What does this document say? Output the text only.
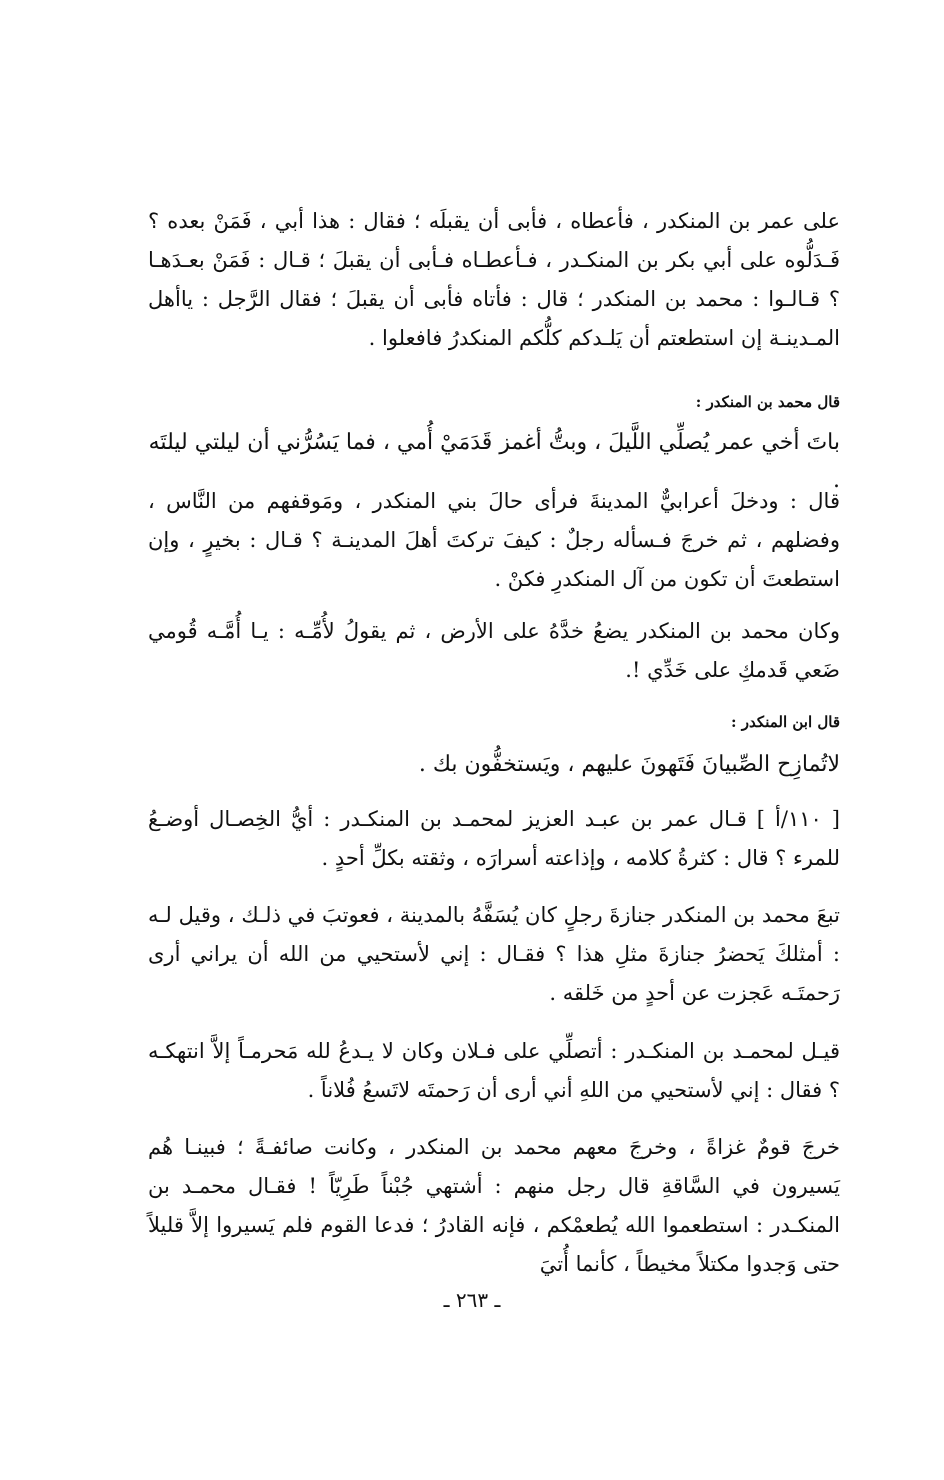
على عمر بن المنكدر ، فأعطاه ، فأبى أن يقبلَه ؛ فقال : هذا أبي ، فَمَنْ بعده ؟ فَـدَلُّوه على أبي بكر بن المنكـدر ، فـأعطـاه فـأبى أن يقبلَ ؛ قـال : فَمَنْ بعـدَهـا ؟ قـالـوا : محمد بن المنكدر ؛ قال : فأتاه فأبى أن يقبلَ ؛ فقال الرَّجل : ياأهل المـدينـة إن استطعتم أن يَلـدكم كلُّكم المنكدرُ فافعلوا .
قال محمد بن المنكدر :
باتَ أخي عمر يُصلِّي اللَّيلَ ، وبتُّ أغمز قَدَمَيْ أُمي ، فما يَسُرُّني أن ليلتي ليلتَه .
قال : ودخلَ أعرابيٌّ المدينةَ فرأى حالَ بني المنكدر ، ومَوقفهم من النَّاس ، وفضلهم ، ثم خرجَ فـسأله رجلٌ : كيفَ تركتَ أهلَ المدينـة ؟ قـال : بخيرٍ ، وإن استطعتَ أن تكون من آل المنكدرِ فكنْ .
وكان محمد بن المنكدر يضعُ خدَّهُ على الأرض ، ثم يقولُ لأُمِّـه : يـا أُمَّـه قُومي ضَعي قَدمكِ على خَدِّي !.
قال ابن المنكدر :
لاتُمازِح الصِّبيانَ فَتَهونَ عليهم ، ويَستخفُّون بك .
[ ١١٠/أ ] قـال عمر بن عبـد العزيز لمحمـد بن المنكـدر : أيُّ الخِصـال أوضـعُ للمرء ؟ قال : كثرةُ كلامه ، وإذاعته أسرارَه ، وثقته بكلِّ أحدٍ .
تبعَ محمد بن المنكدر جنازةَ رجلٍ كان يُسَفَّهُ بالمدينة ، فعوتبَ في ذلـك ، وقيل لـه : أمثلكَ يَحضرُ جنازةَ مثلِ هذا ؟ فقـال : إني لأستحيي من الله أن يراني أرى رَحمتَـه عَجزت عن أحدٍ من خَلقه .
قيـل لمحمـد بن المنكـدر : أتصلِّي على فـلان وكان لا يـدعُ لله مَحرمـاً إلاَّ انتهكـه ؟ فقال : إني لأستحيي من اللهِ أني أرى أن رَحمتَه لاتَسعُ فُلاناً .
خرجَ قومٌ غزاةً ، وخرجَ معهم محمد بن المنكدر ، وكانت صائفـةً ؛ فبينـا هُم يَسيرون في السَّاقةِ قال رجل منهم : أشتهي جُبْناً طَرِيّاً ! فقـال محمـد بن المنكـدر : استطعموا الله يُطعمْكم ، فإنه القادرُ ؛ فدعا القوم فلم يَسيروا إلاَّ قليلاً حتى وَجدوا مكتلاً مخيطاً ، كأنما أُتيَ
ـ ٢٦٣ ـ
